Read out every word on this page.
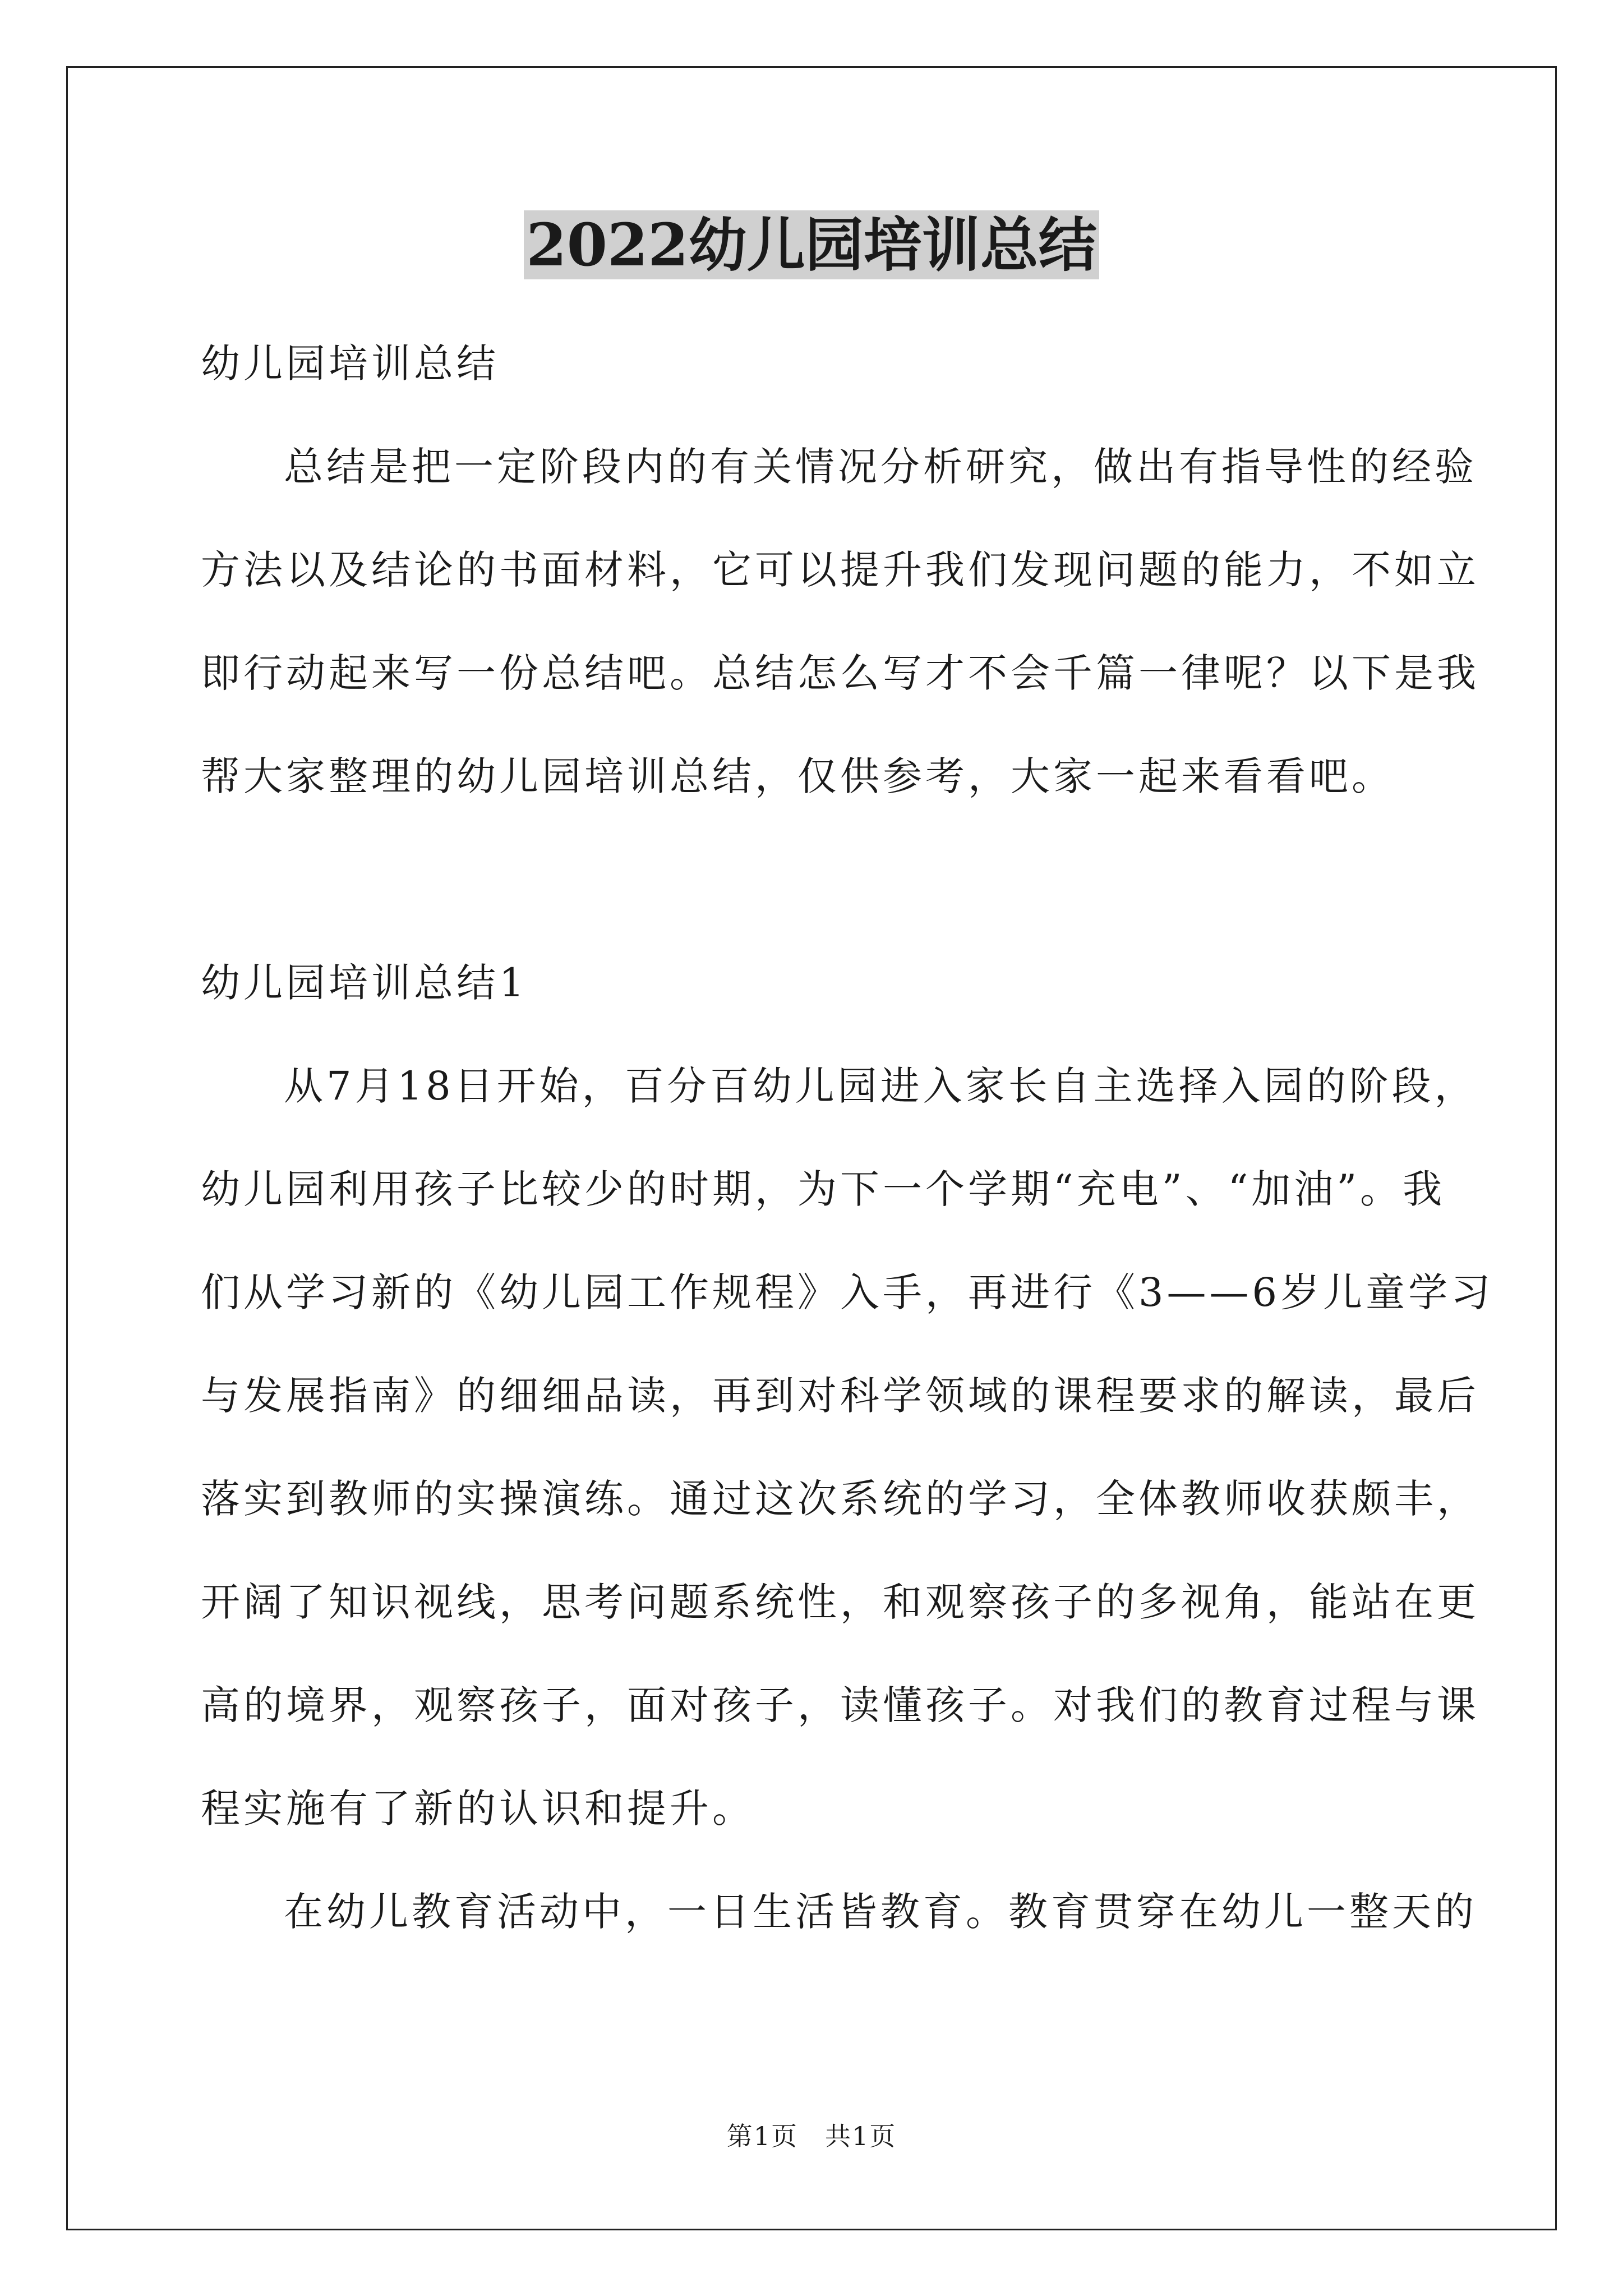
2022幼儿园培训总结
幼儿园培训总结
总结是把一定阶段内的有关情况分析研究，做出有指导性的经验
方法以及结论的书面材料，它可以提升我们发现问题的能力，不如立
即行动起来写一份总结吧。总结怎么写才不会千篇一律呢？以下是我
帮大家整理的幼儿园培训总结，仅供参考，大家一起来看看吧。
幼儿园培训总结1
从7月18日开始，百分百幼儿园进入家长自主选择入园的阶段，
幼儿园利用孩子比较少的时期，为下一个学期“充电”、“加油”。我
们从学习新的《幼儿园工作规程》入手，再进行《3——6岁儿童学习
与发展指南》的细细品读，再到对科学领域的课程要求的解读，最后
落实到教师的实操演练。通过这次系统的学习，全体教师收获颇丰，
开阔了知识视线，思考问题系统性，和观察孩子的多视角，能站在更
高的境界，观察孩子，面对孩子，读懂孩子。对我们的教育过程与课
程实施有了新的认识和提升。
在幼儿教育活动中，一日生活皆教育。教育贯穿在幼儿一整天的
第1页　共1页
